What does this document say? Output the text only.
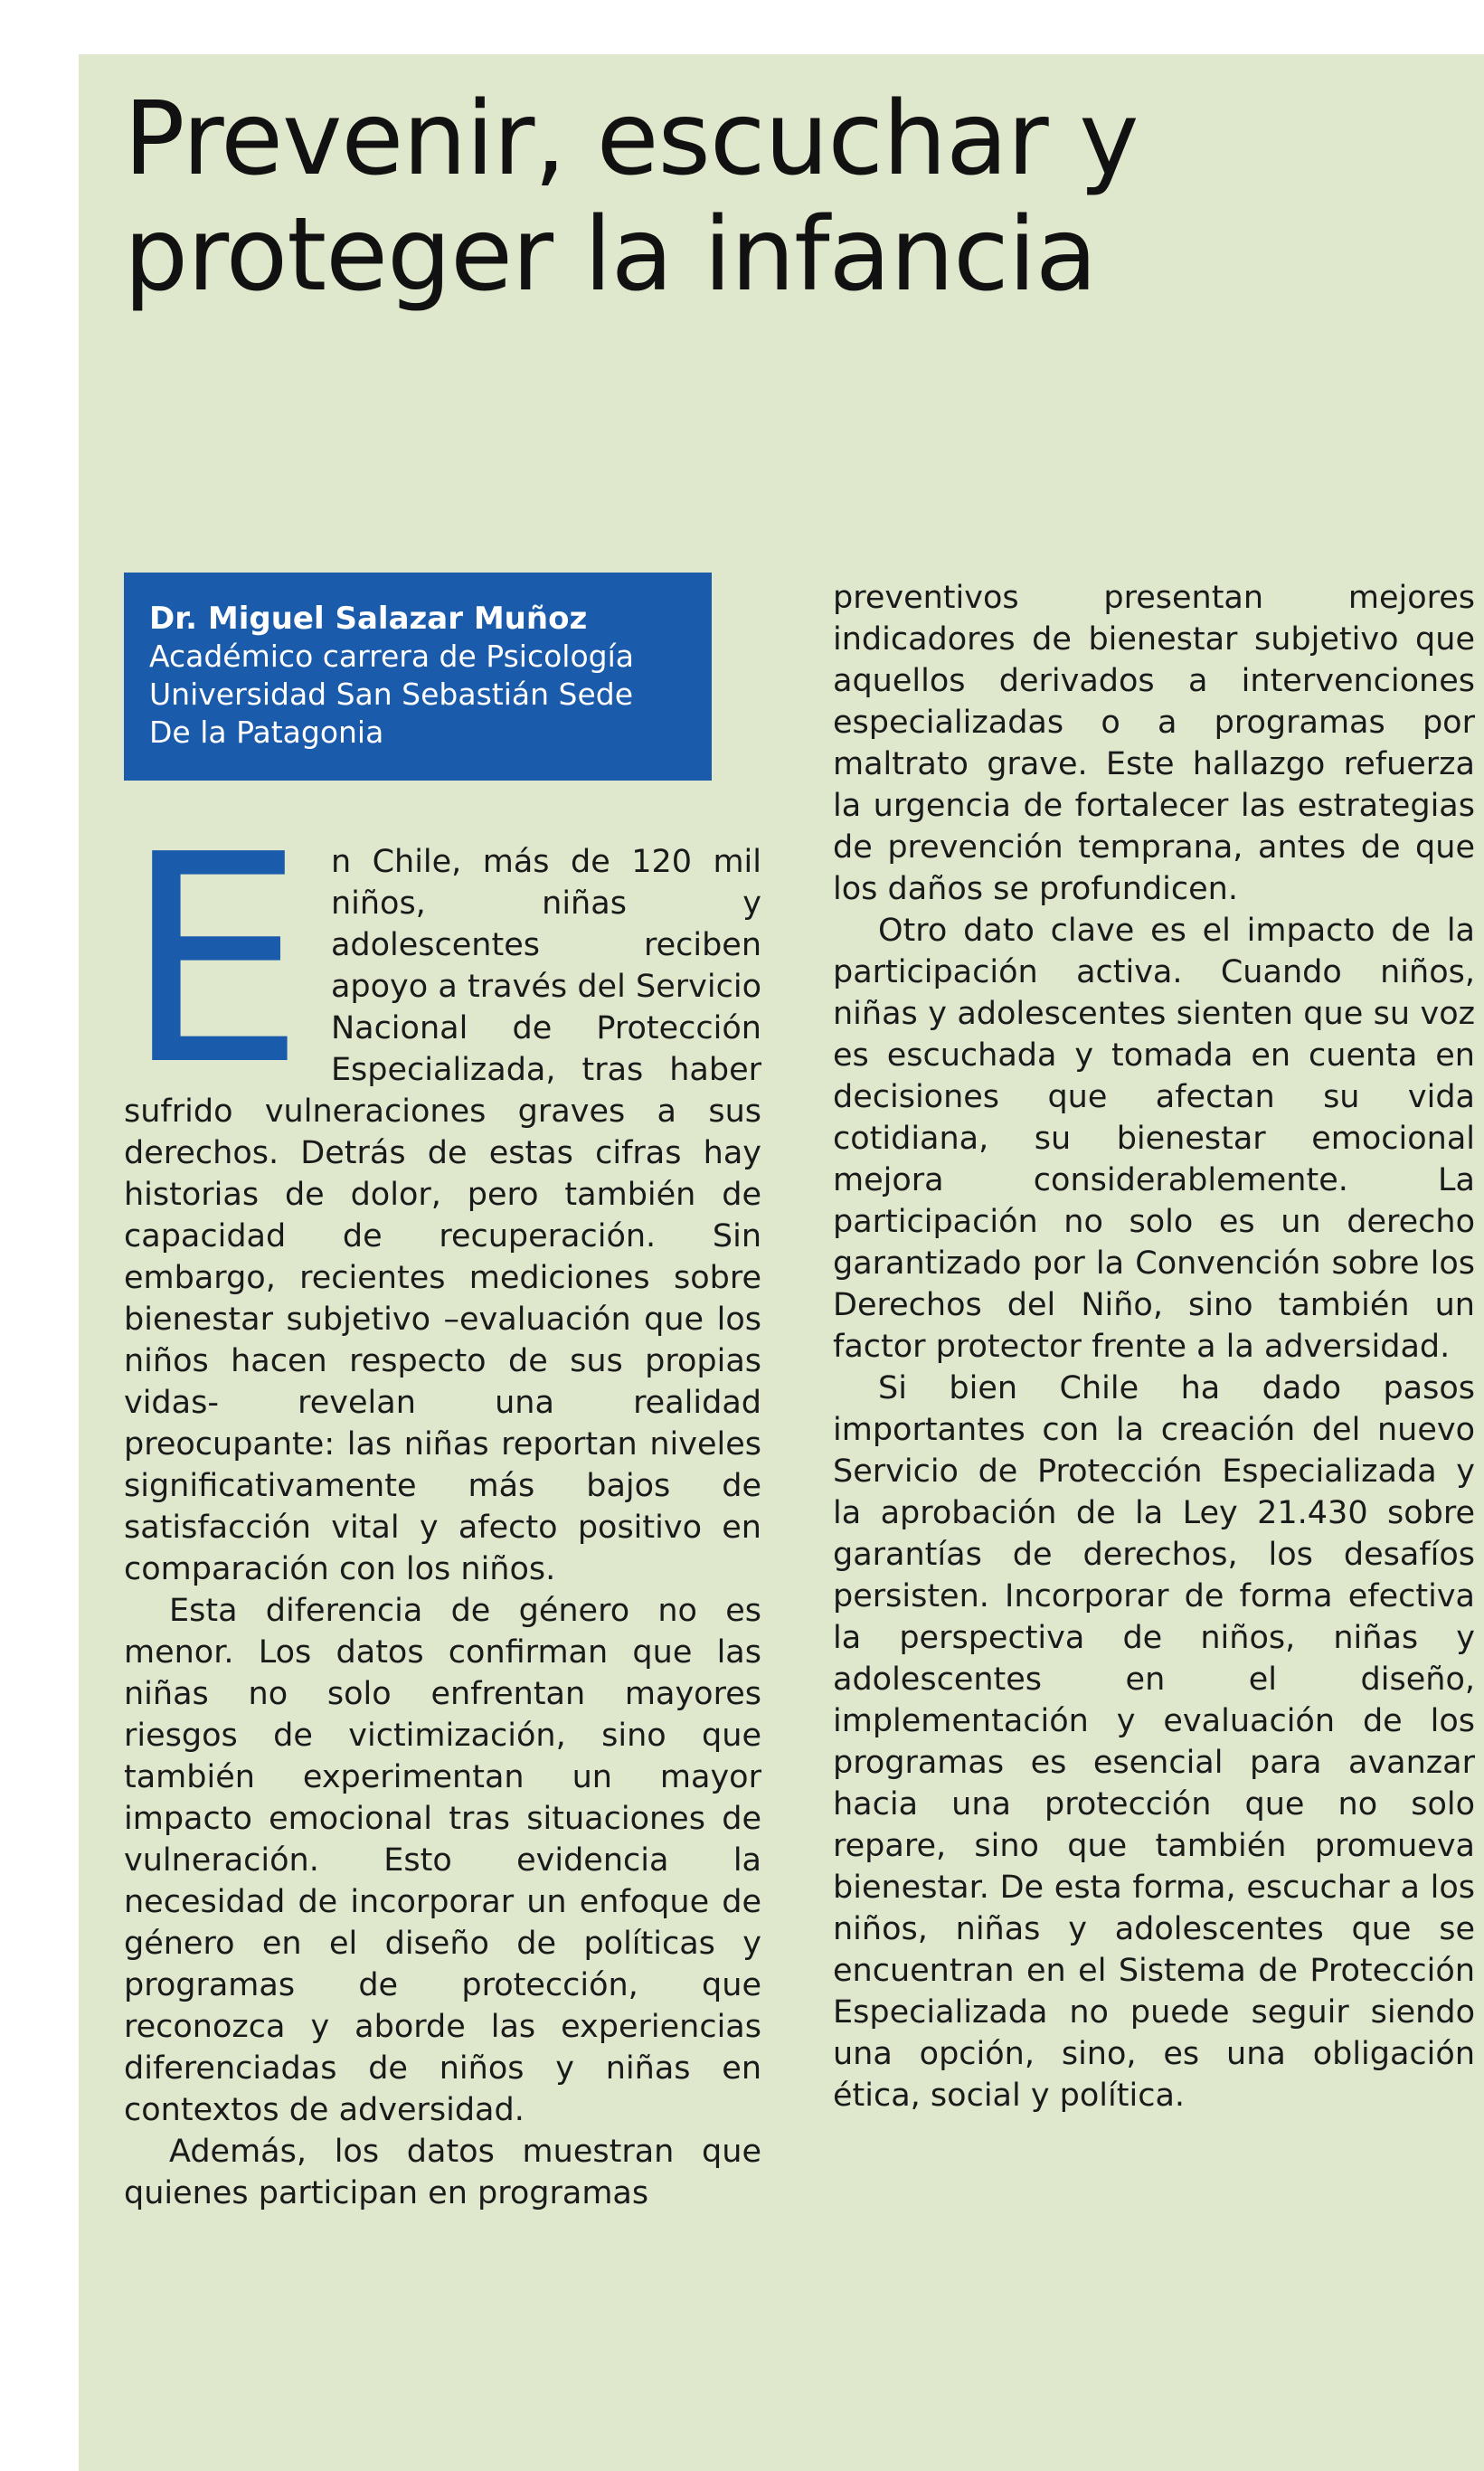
Prevenir, escuchar y proteger la infancia
Dr. Miguel Salazar Muñoz
Académico carrera de Psicología
Universidad San Sebastián Sede
De la Patagonia
E n Chile, más de 120 mil niños, niñas y adolescentes reciben apoyo a través del Servicio Nacional de Protección Especializada, tras haber sufrido vulneraciones graves a sus derechos. Detrás de estas cifras hay historias de dolor, pero también de capacidad de recuperación. Sin embargo, recientes mediciones sobre bienestar subjetivo –evaluación que los niños hacen respecto de sus propias vidas- revelan una realidad preocupante: las niñas reportan niveles significativamente más bajos de satisfacción vital y afecto positivo en comparación con los niños.

Esta diferencia de género no es menor. Los datos confirman que las niñas no solo enfrentan mayores riesgos de victimización, sino que también experimentan un mayor impacto emocional tras situaciones de vulneración. Esto evidencia la necesidad de incorporar un enfoque de género en el diseño de políticas y programas de protección, que reconozca y aborde las experiencias diferenciadas de niños y niñas en contextos de adversidad.

Además, los datos muestran que quienes participan en programas

preventivos presentan mejores indicadores de bienestar subjetivo que aquellos derivados a intervenciones especializadas o a programas por maltrato grave. Este hallazgo refuerza la urgencia de fortalecer las estrategias de prevención temprana, antes de que los daños se profundicen.

Otro dato clave es el impacto de la participación activa. Cuando niños, niñas y adolescentes sienten que su voz es escuchada y tomada en cuenta en decisiones que afectan su vida cotidiana, su bienestar emocional mejora considerablemente. La participación no solo es un derecho garantizado por la Convención sobre los Derechos del Niño, sino también un factor protector frente a la adversidad.

Si bien Chile ha dado pasos importantes con la creación del nuevo Servicio de Protección Especializada y la aprobación de la Ley 21.430 sobre garantías de derechos, los desafíos persisten. Incorporar de forma efectiva la perspectiva de niños, niñas y adolescentes en el diseño, implementación y evaluación de los programas es esencial para avanzar hacia una protección que no solo repare, sino que también promueva bienestar. De esta forma, escuchar a los niños, niñas y adolescentes que se encuentran en el Sistema de Protección Especializada no puede seguir siendo una opción, sino, es una obligación ética, social y política.
